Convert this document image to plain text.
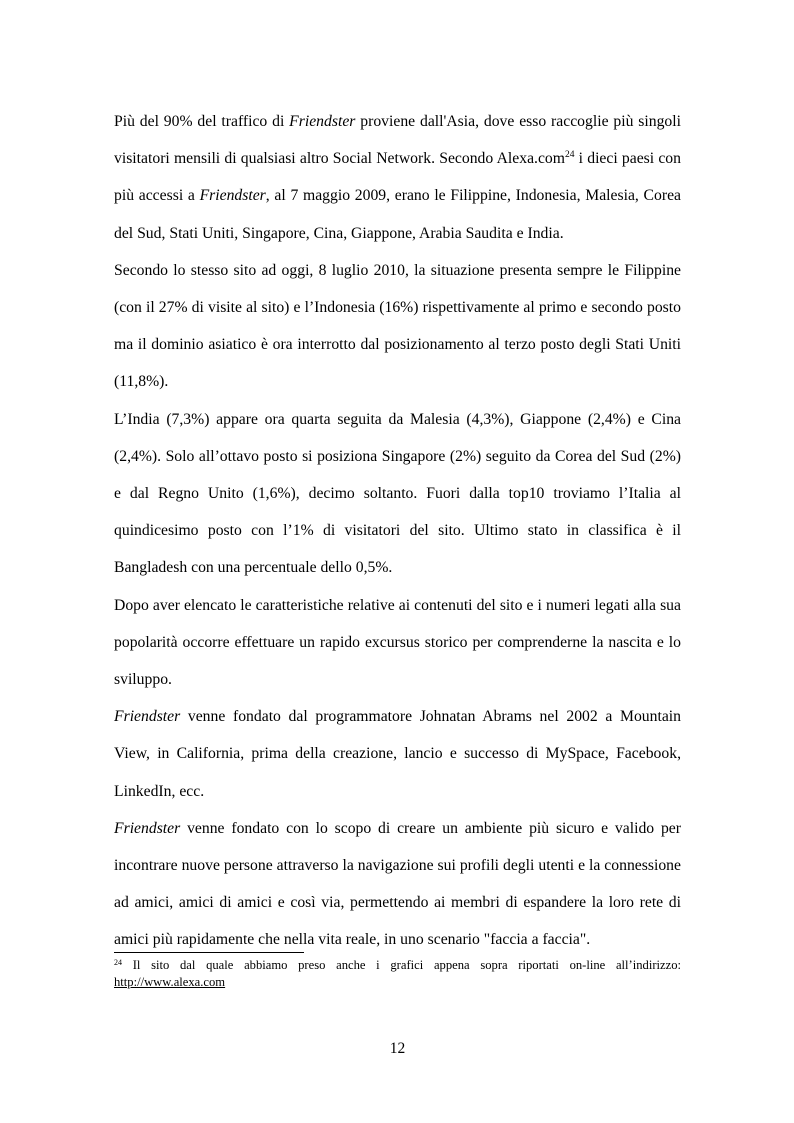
Più del 90% del traffico di Friendster proviene dall'Asia, dove esso raccoglie più singoli visitatori mensili di qualsiasi altro Social Network. Secondo Alexa.com$^{24}$ i dieci paesi con più accessi a Friendster, al 7 maggio 2009, erano le Filippine, Indonesia, Malesia, Corea del Sud, Stati Uniti, Singapore, Cina, Giappone, Arabia Saudita e India.

Secondo lo stesso sito ad oggi, 8 luglio 2010, la situazione presenta sempre le Filippine (con il 27% di visite al sito) e l’Indonesia (16%) rispettivamente al primo e secondo posto ma il dominio asiatico è ora interrotto dal posizionamento al terzo posto degli Stati Uniti (11,8%).

L’India (7,3%) appare ora quarta seguita da Malesia (4,3%), Giappone (2,4%) e Cina (2,4%). Solo all’ottavo posto si posiziona Singapore (2%) seguito da Corea del Sud (2%) e dal Regno Unito (1,6%), decimo soltanto. Fuori dalla top10 troviamo l’Italia al quindicesimo posto con l’1% di visitatori del sito. Ultimo stato in classifica è il Bangladesh con una percentuale dello 0,5%.

Dopo aver elencato le caratteristiche relative ai contenuti del sito e i numeri legati alla sua popolarità occorre effettuare un rapido excursus storico per comprenderne la nascita e lo sviluppo.

Friendster venne fondato dal programmatore Johnatan Abrams nel 2002 a Mountain View, in California, prima della creazione, lancio e successo di MySpace, Facebook, LinkedIn, ecc.

Friendster venne fondato con lo scopo di creare un ambiente più sicuro e valido per incontrare nuove persone attraverso la navigazione sui profili degli utenti e la connessione ad amici, amici di amici e così via, permettendo ai membri di espandere la loro rete di amici più rapidamente che nella vita reale, in uno scenario "faccia a faccia".

$^{24}$ Il sito dal quale abbiamo preso anche i grafici appena sopra riportati on-line all’indirizzo: http://www.alexa.com
12
